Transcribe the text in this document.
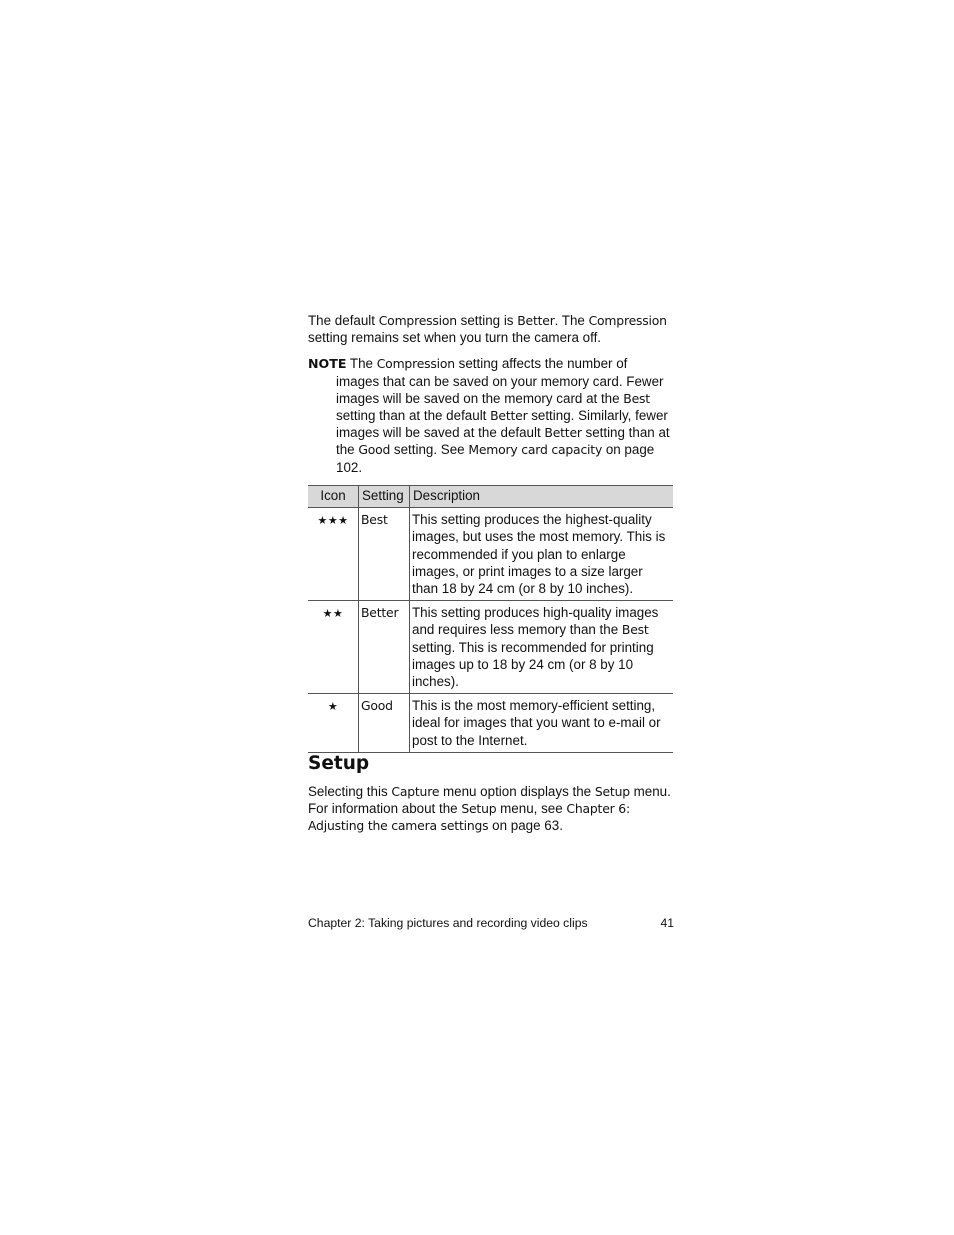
The default Compression setting is Better. The Compression setting remains set when you turn the camera off.

NOTE The Compression setting affects the number of images that can be saved on your memory card. Fewer images will be saved on the memory card at the Best setting than at the default Better setting. Similarly, fewer images will be saved at the default Better setting than at the Good setting. See Memory card capacity on page 102.

Icon	Setting	Description
★★★	Best	This setting produces the highest-quality images, but uses the most memory. This is recommended if you plan to enlarge images, or print images to a size larger than 18 by 24 cm (or 8 by 10 inches).
★★	Better	This setting produces high-quality images and requires less memory than the Best setting. This is recommended for printing images up to 18 by 24 cm (or 8 by 10 inches).
★	Good	This is the most memory-efficient setting, ideal for images that you want to e-mail or post to the Internet.
Setup

Selecting this Capture menu option displays the Setup menu. For information about the Setup menu, see Chapter 6: Adjusting the camera settings on page 63.

Chapter 2: Taking pictures and recording video clips	41
